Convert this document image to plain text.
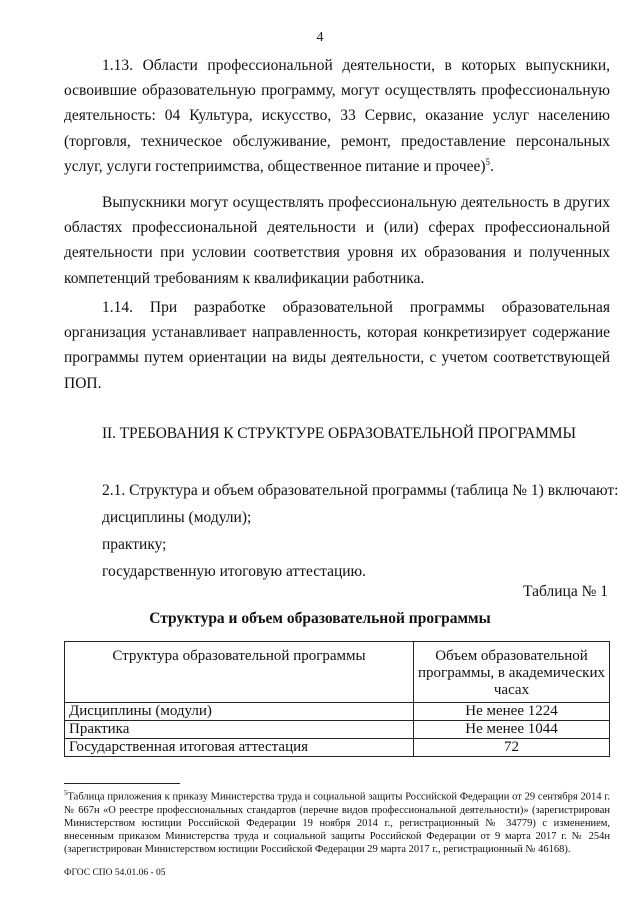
4

1.13. Области профессиональной деятельности, в которых выпускники, освоившие образовательную программу, могут осуществлять профессиональную деятельность: 04 Культура, искусство, 33 Сервис, оказание услуг населению (торговля, техническое обслуживание, ремонт, предоставление персональных услуг, услуги гостеприимства, общественное питание и прочее)$^5$.

Выпускники могут осуществлять профессиональную деятельность в других областях профессиональной деятельности и (или) сферах профессиональной деятельности при условии соответствия уровня их образования и полученных компетенций требованиям к квалификации работника.

1.14. При разработке образовательной программы образовательная организация устанавливает направленность, которая конкретизирует содержание программы путем ориентации на виды деятельности, с учетом соответствующей ПОП.

II. ТРЕБОВАНИЯ К СТРУКТУРЕ ОБРАЗОВАТЕЛЬНОЙ ПРОГРАММЫ
2.1. Структура и объем образовательной программы (таблица № 1) включают:
дисциплины (модули);
практику;
государственную итоговую аттестацию.
Таблица № 1
Структура и объем образовательной программы
Структура образовательной программы	Объем образовательной программы, в академических часах
Дисциплины (модули)	Не менее 1224
Практика	Не менее 1044
Государственная итоговая аттестация	72

$^5$Таблица приложения к приказу Министерства труда и социальной защиты Российской Федерации от 29 сентября 2014 г. № 667н «О реестре профессиональных стандартов (перечне видов профессиональной деятельности)» (зарегистрирован Министерством юстиции Российской Федерации 19 ноября 2014 г., регистрационный № 34779) с изменением, внесенным приказом Министерства труда и социальной защиты Российской Федерации от 9 марта 2017 г. № 254н (зарегистрирован Министерством юстиции Российской Федерации 29 марта 2017 г., регистрационный № 46168).

ФГОС СПО 54.01.06 - 05
